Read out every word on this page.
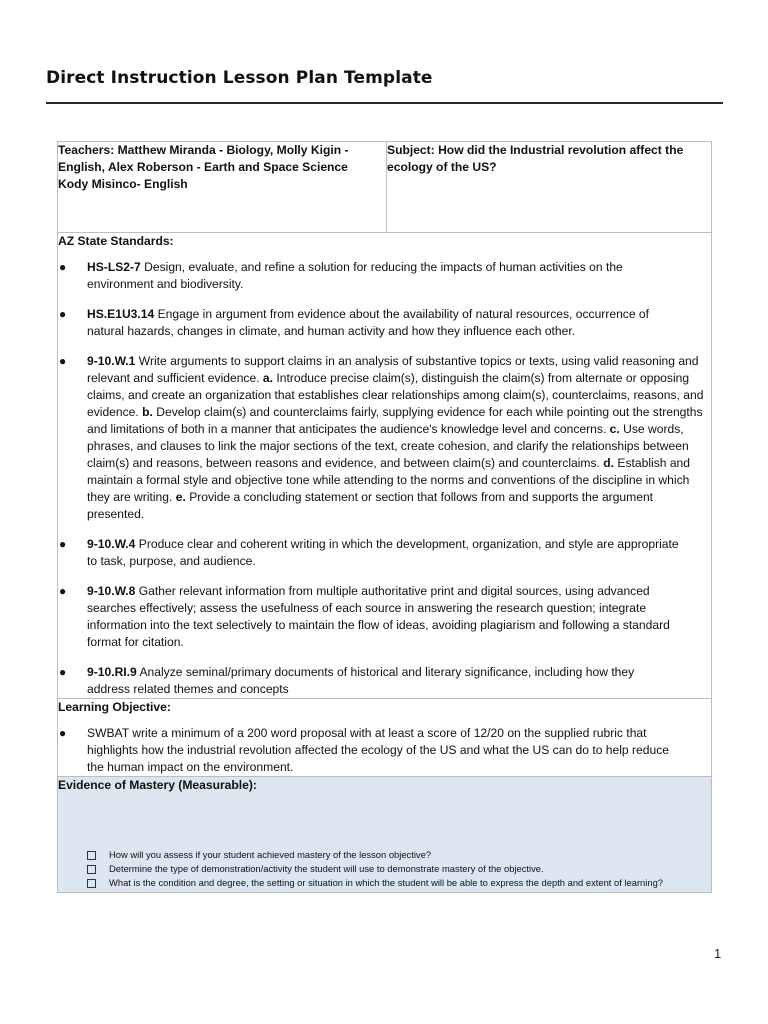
Direct Instruction Lesson Plan Template
Teachers: Matthew Miranda - Biology, Molly Kigin -
English, Alex Roberson - Earth and Space Science
Kody Misinco- English

Subject: How did the Industrial revolution affect the
ecology of the US?

AZ State Standards:
● HS-LS2-7 Design, evaluate, and refine a solution for reducing the impacts of human activities on the
environment and biodiversity.
● HS.E1U3.14 Engage in argument from evidence about the availability of natural resources, occurrence of
natural hazards, changes in climate, and human activity and how they influence each other.
● 9-10.W.1 Write arguments to support claims in an analysis of substantive topics or texts, using valid reasoning and relevant and sufficient evidence. a. Introduce precise claim(s), distinguish the claim(s) from alternate or opposing claims, and create an organization that establishes clear relationships among claim(s), counterclaims, reasons, and evidence. b. Develop claim(s) and counterclaims fairly, supplying evidence for each while pointing out the strengths and limitations of both in a manner that anticipates the audience's knowledge level and concerns. c. Use words, phrases, and clauses to link the major sections of the text, create cohesion, and clarify the relationships between claim(s) and reasons, between reasons and evidence, and between claim(s) and counterclaims. d. Establish and maintain a formal style and objective tone while attending to the norms and conventions of the discipline in which they are writing. e. Provide a concluding statement or section that follows from and supports the argument presented.
● 9-10.W.4 Produce clear and coherent writing in which the development, organization, and style are appropriate
to task, purpose, and audience.
● 9-10.W.8 Gather relevant information from multiple authoritative print and digital sources, using advanced
searches effectively; assess the usefulness of each source in answering the research question; integrate
information into the text selectively to maintain the flow of ideas, avoiding plagiarism and following a standard
format for citation.
● 9-10.RI.9 Analyze seminal/primary documents of historical and literary significance, including how they
address related themes and concepts

Learning Objective:
● SWBAT write a minimum of a 200 word proposal with at least a score of 12/20 on the supplied rubric that
highlights how the industrial revolution affected the ecology of the US and what the US can do to help reduce
the human impact on the environment.

Evidence of Mastery (Measurable):
How will you assess if your student achieved mastery of the lesson objective?
Determine the type of demonstration/activity the student will use to demonstrate mastery of the objective.
What is the condition and degree, the setting or situation in which the student will be able to express the depth and extent of learning?
1
